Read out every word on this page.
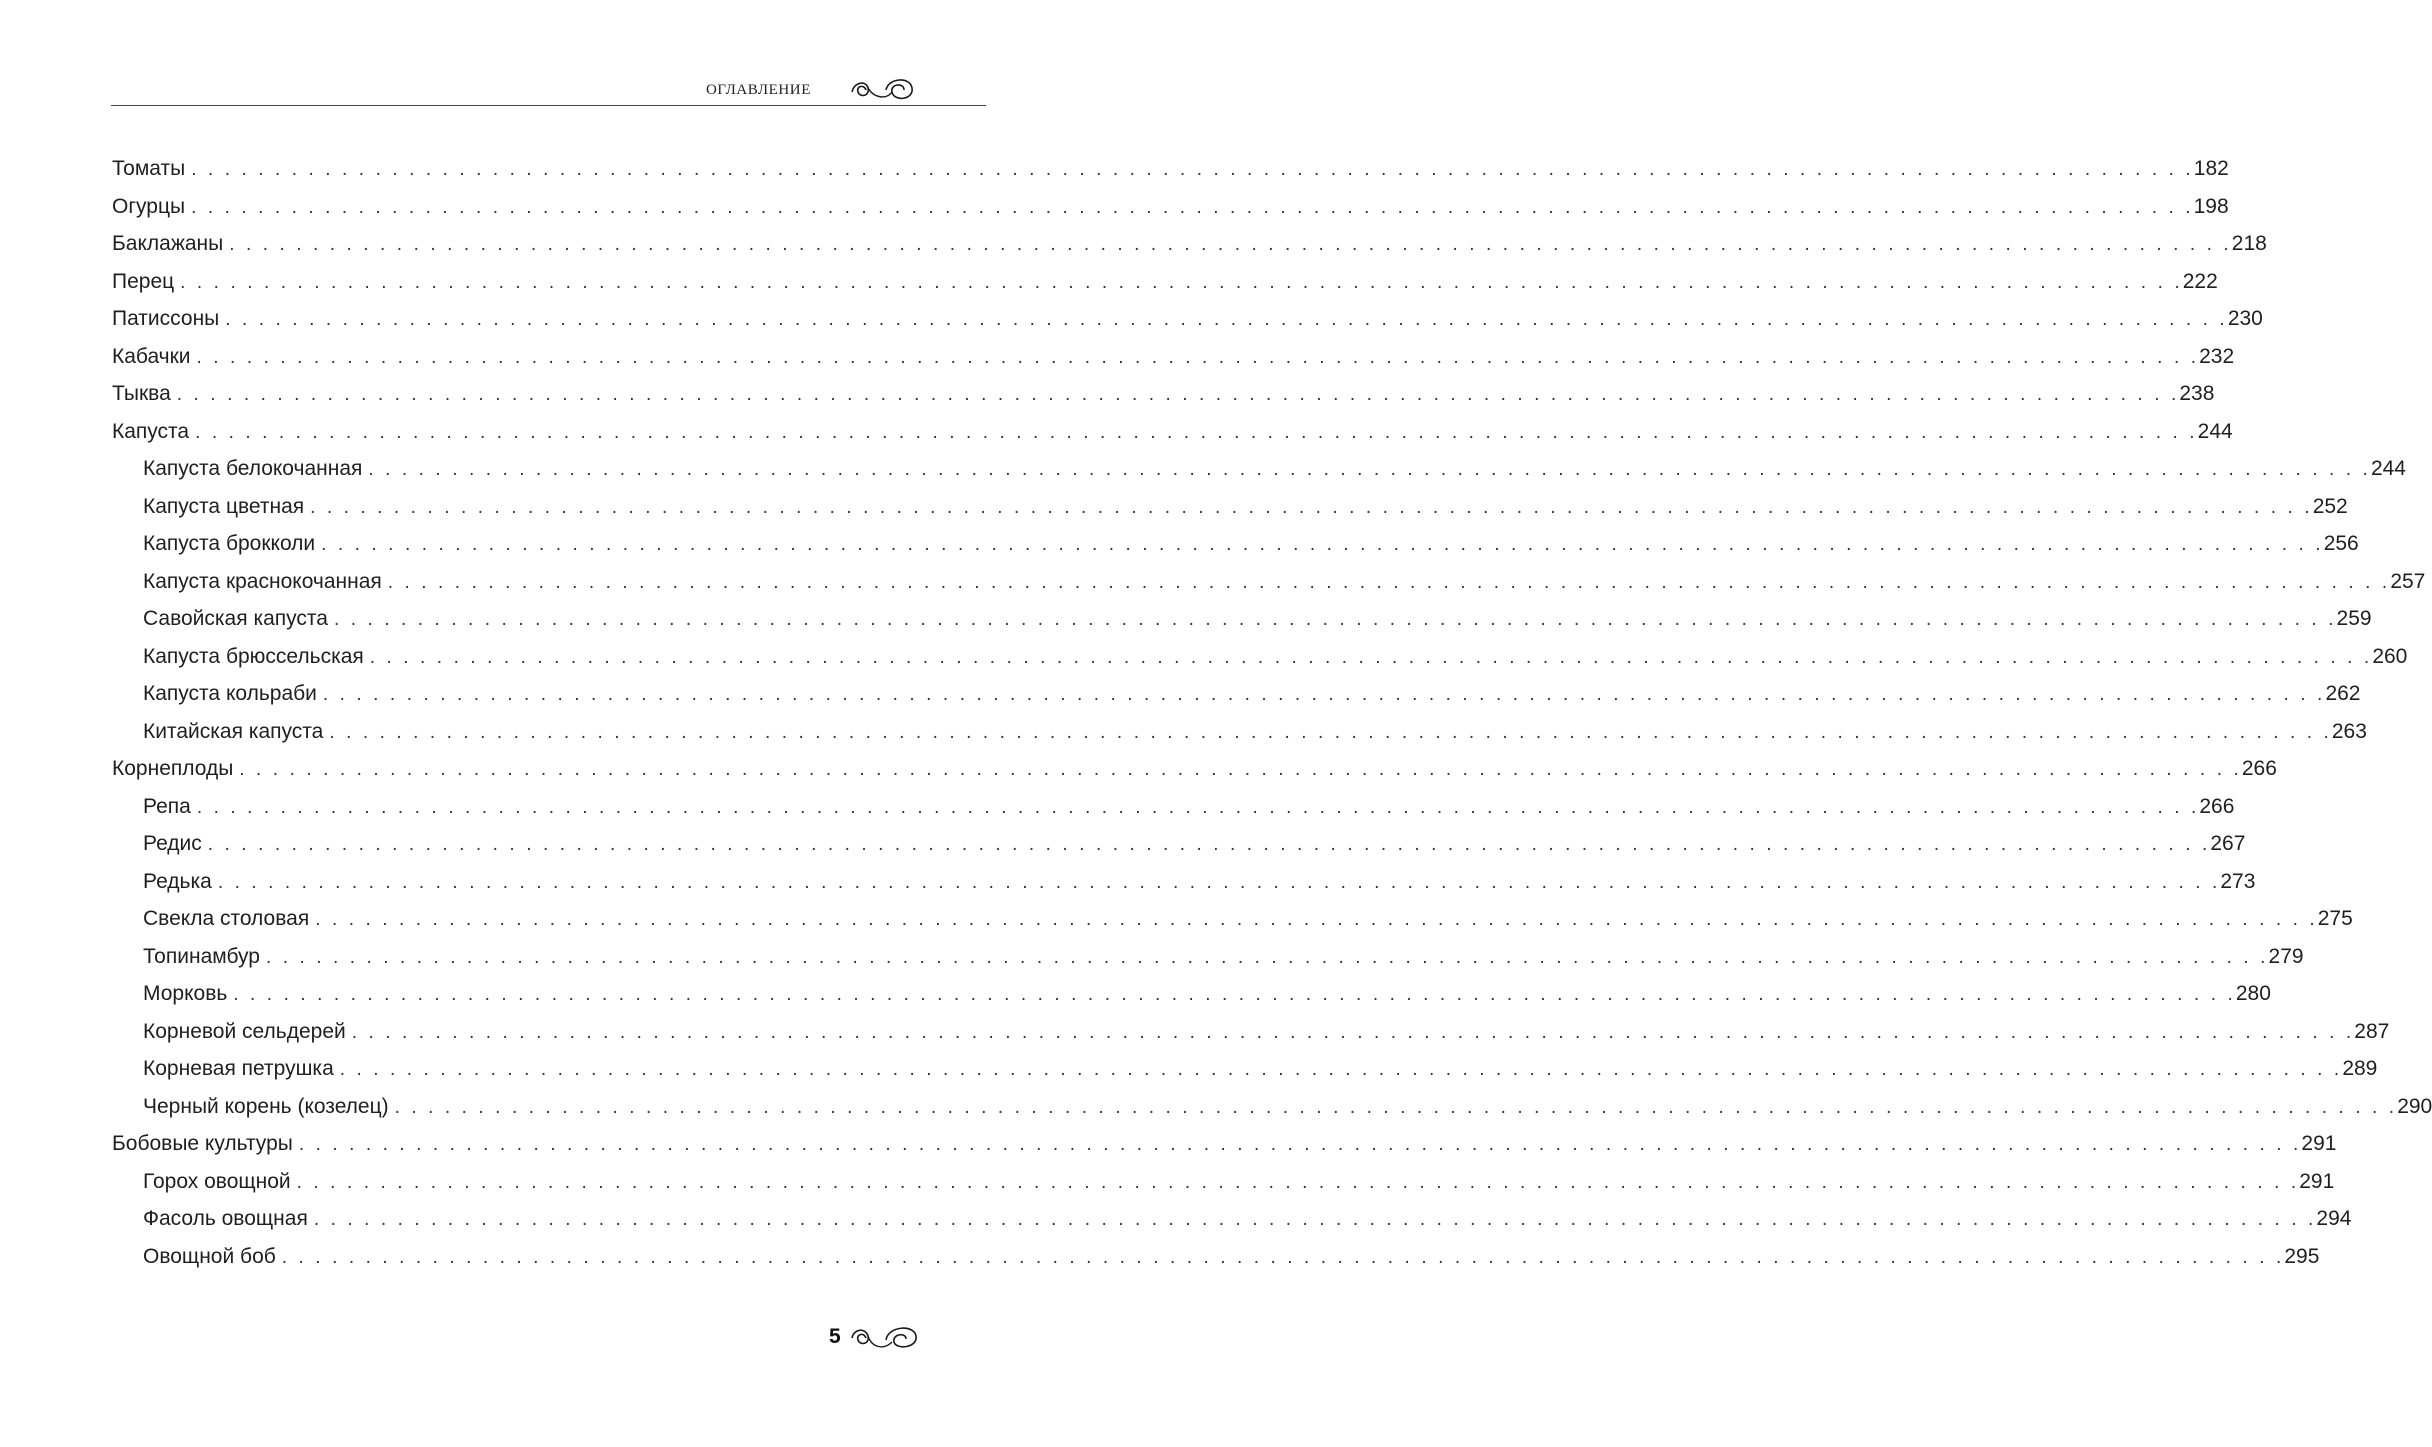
ОГЛАВЛЕНИЕ
Томаты . . . . . . . . . . . . . . . . . . . . . . . . . . . . . . . . . . . . . . . . . . . . . . . . . . . . . . . . . . . . . . . . . . . . . . . . . . . . . . . . . . . . . . . . . . . . . . . . . . . . . . . . . . . . . . . . . . . . . . . . 182
Огурцы . . . . . . . . . . . . . . . . . . . . . . . . . . . . . . . . . . . . . . . . . . . . . . . . . . . . . . . . . . . . . . . . . . . . . . . . . . . . . . . . . . . . . . . . . . . . . . . . . . . . . . . . . . . . . . . . . . . . . . . . 198
Баклажаны . . . . . . . . . . . . . . . . . . . . . . . . . . . . . . . . . . . . . . . . . . . . . . . . . . . . . . . . . . . . . . . . . . . . . . . . . . . . . . . . . . . . . . . . . . . . . . . . . . . . . . . . . . . . . . . . . . . . . . . . 218
Перец . . . . . . . . . . . . . . . . . . . . . . . . . . . . . . . . . . . . . . . . . . . . . . . . . . . . . . . . . . . . . . . . . . . . . . . . . . . . . . . . . . . . . . . . . . . . . . . . . . . . . . . . . . . . . . . . . . . . . . . . 222
Патиссоны . . . . . . . . . . . . . . . . . . . . . . . . . . . . . . . . . . . . . . . . . . . . . . . . . . . . . . . . . . . . . . . . . . . . . . . . . . . . . . . . . . . . . . . . . . . . . . . . . . . . . . . . . . . . . . . . . . . . . . . . 230
Кабачки . . . . . . . . . . . . . . . . . . . . . . . . . . . . . . . . . . . . . . . . . . . . . . . . . . . . . . . . . . . . . . . . . . . . . . . . . . . . . . . . . . . . . . . . . . . . . . . . . . . . . . . . . . . . . . . . . . . . . . . . 232
Тыква . . . . . . . . . . . . . . . . . . . . . . . . . . . . . . . . . . . . . . . . . . . . . . . . . . . . . . . . . . . . . . . . . . . . . . . . . . . . . . . . . . . . . . . . . . . . . . . . . . . . . . . . . . . . . . . . . . . . . . . . 238
Капуста . . . . . . . . . . . . . . . . . . . . . . . . . . . . . . . . . . . . . . . . . . . . . . . . . . . . . . . . . . . . . . . . . . . . . . . . . . . . . . . . . . . . . . . . . . . . . . . . . . . . . . . . . . . . . . . . . . . . . . . . 244
Капуста белокочанная . . . . . . . . . . . . . . . . . . . . . . . . . . . . . . . . . . . . . . . . . . . . . . . . . . . . . . . . . . . . . . . . . . . . . . . . . . . . . . . . . . . . . . . . . . . . . . . . . . . . . . . . . . . . . . . . . . . . . . . . 244
Капуста цветная . . . . . . . . . . . . . . . . . . . . . . . . . . . . . . . . . . . . . . . . . . . . . . . . . . . . . . . . . . . . . . . . . . . . . . . . . . . . . . . . . . . . . . . . . . . . . . . . . . . . . . . . . . . . . . . . . . . . . . . . 252
Капуста брокколи . . . . . . . . . . . . . . . . . . . . . . . . . . . . . . . . . . . . . . . . . . . . . . . . . . . . . . . . . . . . . . . . . . . . . . . . . . . . . . . . . . . . . . . . . . . . . . . . . . . . . . . . . . . . . . . . . . . . . . . . 256
Капуста краснокочанная . . . . . . . . . . . . . . . . . . . . . . . . . . . . . . . . . . . . . . . . . . . . . . . . . . . . . . . . . . . . . . . . . . . . . . . . . . . . . . . . . . . . . . . . . . . . . . . . . . . . . . . . . . . . . . . . . . . . . . . . 257
Савойская капуста . . . . . . . . . . . . . . . . . . . . . . . . . . . . . . . . . . . . . . . . . . . . . . . . . . . . . . . . . . . . . . . . . . . . . . . . . . . . . . . . . . . . . . . . . . . . . . . . . . . . . . . . . . . . . . . . . . . . . . . . 259
Капуста брюссельская . . . . . . . . . . . . . . . . . . . . . . . . . . . . . . . . . . . . . . . . . . . . . . . . . . . . . . . . . . . . . . . . . . . . . . . . . . . . . . . . . . . . . . . . . . . . . . . . . . . . . . . . . . . . . . . . . . . . . . . . 260
Капуста кольраби . . . . . . . . . . . . . . . . . . . . . . . . . . . . . . . . . . . . . . . . . . . . . . . . . . . . . . . . . . . . . . . . . . . . . . . . . . . . . . . . . . . . . . . . . . . . . . . . . . . . . . . . . . . . . . . . . . . . . . . . 262
Китайская капуста . . . . . . . . . . . . . . . . . . . . . . . . . . . . . . . . . . . . . . . . . . . . . . . . . . . . . . . . . . . . . . . . . . . . . . . . . . . . . . . . . . . . . . . . . . . . . . . . . . . . . . . . . . . . . . . . . . . . . . . . 263
Корнеплоды . . . . . . . . . . . . . . . . . . . . . . . . . . . . . . . . . . . . . . . . . . . . . . . . . . . . . . . . . . . . . . . . . . . . . . . . . . . . . . . . . . . . . . . . . . . . . . . . . . . . . . . . . . . . . . . . . . . . . . . . 266
Репа . . . . . . . . . . . . . . . . . . . . . . . . . . . . . . . . . . . . . . . . . . . . . . . . . . . . . . . . . . . . . . . . . . . . . . . . . . . . . . . . . . . . . . . . . . . . . . . . . . . . . . . . . . . . . . . . . . . . . . . . 266
Редис . . . . . . . . . . . . . . . . . . . . . . . . . . . . . . . . . . . . . . . . . . . . . . . . . . . . . . . . . . . . . . . . . . . . . . . . . . . . . . . . . . . . . . . . . . . . . . . . . . . . . . . . . . . . . . . . . . . . . . . . 267
Редька . . . . . . . . . . . . . . . . . . . . . . . . . . . . . . . . . . . . . . . . . . . . . . . . . . . . . . . . . . . . . . . . . . . . . . . . . . . . . . . . . . . . . . . . . . . . . . . . . . . . . . . . . . . . . . . . . . . . . . . . 273
Свекла столовая . . . . . . . . . . . . . . . . . . . . . . . . . . . . . . . . . . . . . . . . . . . . . . . . . . . . . . . . . . . . . . . . . . . . . . . . . . . . . . . . . . . . . . . . . . . . . . . . . . . . . . . . . . . . . . . . . . . . . . . . 275
Топинамбур . . . . . . . . . . . . . . . . . . . . . . . . . . . . . . . . . . . . . . . . . . . . . . . . . . . . . . . . . . . . . . . . . . . . . . . . . . . . . . . . . . . . . . . . . . . . . . . . . . . . . . . . . . . . . . . . . . . . . . . . 279
Морковь . . . . . . . . . . . . . . . . . . . . . . . . . . . . . . . . . . . . . . . . . . . . . . . . . . . . . . . . . . . . . . . . . . . . . . . . . . . . . . . . . . . . . . . . . . . . . . . . . . . . . . . . . . . . . . . . . . . . . . . . 280
Корневой сельдерей . . . . . . . . . . . . . . . . . . . . . . . . . . . . . . . . . . . . . . . . . . . . . . . . . . . . . . . . . . . . . . . . . . . . . . . . . . . . . . . . . . . . . . . . . . . . . . . . . . . . . . . . . . . . . . . . . . . . . . . . 287
Корневая петрушка . . . . . . . . . . . . . . . . . . . . . . . . . . . . . . . . . . . . . . . . . . . . . . . . . . . . . . . . . . . . . . . . . . . . . . . . . . . . . . . . . . . . . . . . . . . . . . . . . . . . . . . . . . . . . . . . . . . . . . . . 289
Черный корень (козелец) . . . . . . . . . . . . . . . . . . . . . . . . . . . . . . . . . . . . . . . . . . . . . . . . . . . . . . . . . . . . . . . . . . . . . . . . . . . . . . . . . . . . . . . . . . . . . . . . . . . . . . . . . . . . . . . . . . . . . . . . 290
Бобовые культуры . . . . . . . . . . . . . . . . . . . . . . . . . . . . . . . . . . . . . . . . . . . . . . . . . . . . . . . . . . . . . . . . . . . . . . . . . . . . . . . . . . . . . . . . . . . . . . . . . . . . . . . . . . . . . . . . . . . . . . . . 291
Горох овощной . . . . . . . . . . . . . . . . . . . . . . . . . . . . . . . . . . . . . . . . . . . . . . . . . . . . . . . . . . . . . . . . . . . . . . . . . . . . . . . . . . . . . . . . . . . . . . . . . . . . . . . . . . . . . . . . . . . . . . . . 291
Фасоль овощная . . . . . . . . . . . . . . . . . . . . . . . . . . . . . . . . . . . . . . . . . . . . . . . . . . . . . . . . . . . . . . . . . . . . . . . . . . . . . . . . . . . . . . . . . . . . . . . . . . . . . . . . . . . . . . . . . . . . . . . . 294
Овощной боб . . . . . . . . . . . . . . . . . . . . . . . . . . . . . . . . . . . . . . . . . . . . . . . . . . . . . . . . . . . . . . . . . . . . . . . . . . . . . . . . . . . . . . . . . . . . . . . . . . . . . . . . . . . . . . . . . . . . . . . . 295
5
